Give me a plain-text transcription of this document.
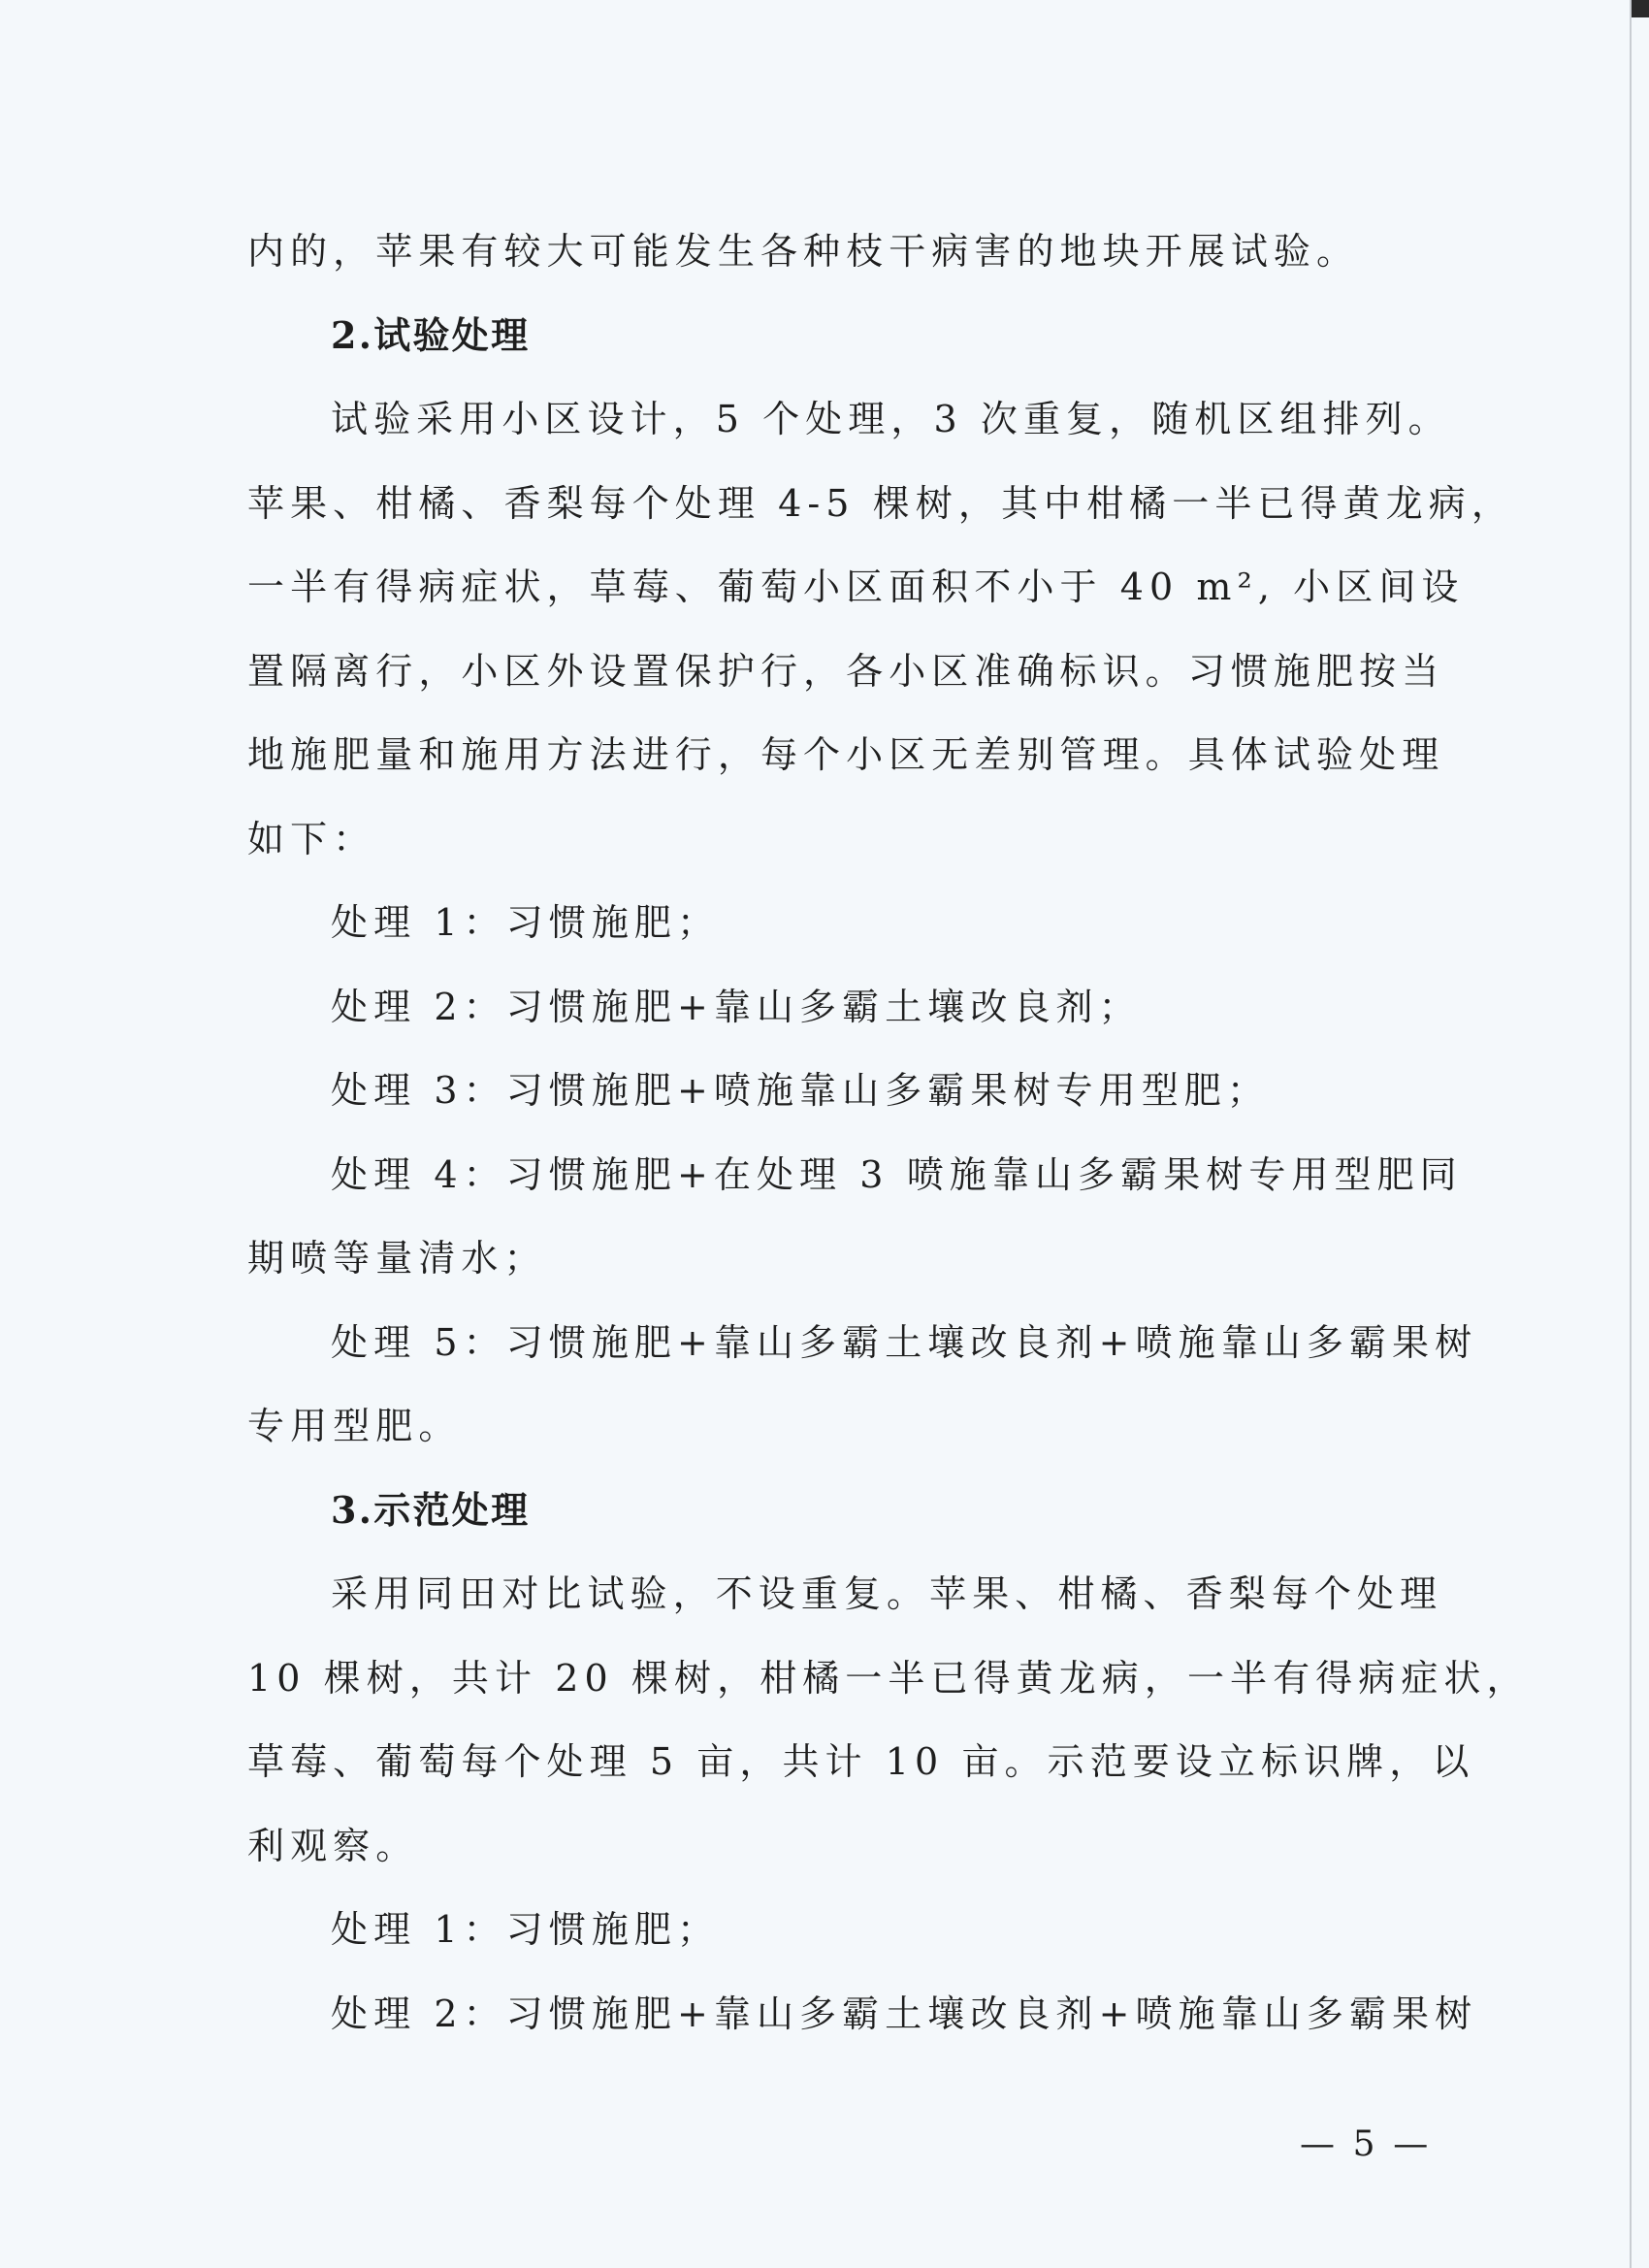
内的，苹果有较大可能发生各种枝干病害的地块开展试验。
2.试验处理
试验采用小区设计，5 个处理，3 次重复，随机区组排列。
苹果、柑橘、香梨每个处理 4-5 棵树，其中柑橘一半已得黄龙病，
一半有得病症状，草莓、葡萄小区面积不小于 40 m², 小区间设
置隔离行，小区外设置保护行，各小区准确标识。习惯施肥按当
地施肥量和施用方法进行，每个小区无差别管理。具体试验处理
如下：
处理 1：习惯施肥；
处理 2：习惯施肥+靠山多霸土壤改良剂；
处理 3：习惯施肥+喷施靠山多霸果树专用型肥；
处理 4：习惯施肥+在处理 3 喷施靠山多霸果树专用型肥同
期喷等量清水；
处理 5：习惯施肥+靠山多霸土壤改良剂+喷施靠山多霸果树
专用型肥。
3.示范处理
采用同田对比试验，不设重复。苹果、柑橘、香梨每个处理
10 棵树，共计 20 棵树，柑橘一半已得黄龙病，一半有得病症状，
草莓、葡萄每个处理 5 亩，共计 10 亩。示范要设立标识牌，以
利观察。
处理 1：习惯施肥；
处理 2：习惯施肥+靠山多霸土壤改良剂+喷施靠山多霸果树
— 5 —
